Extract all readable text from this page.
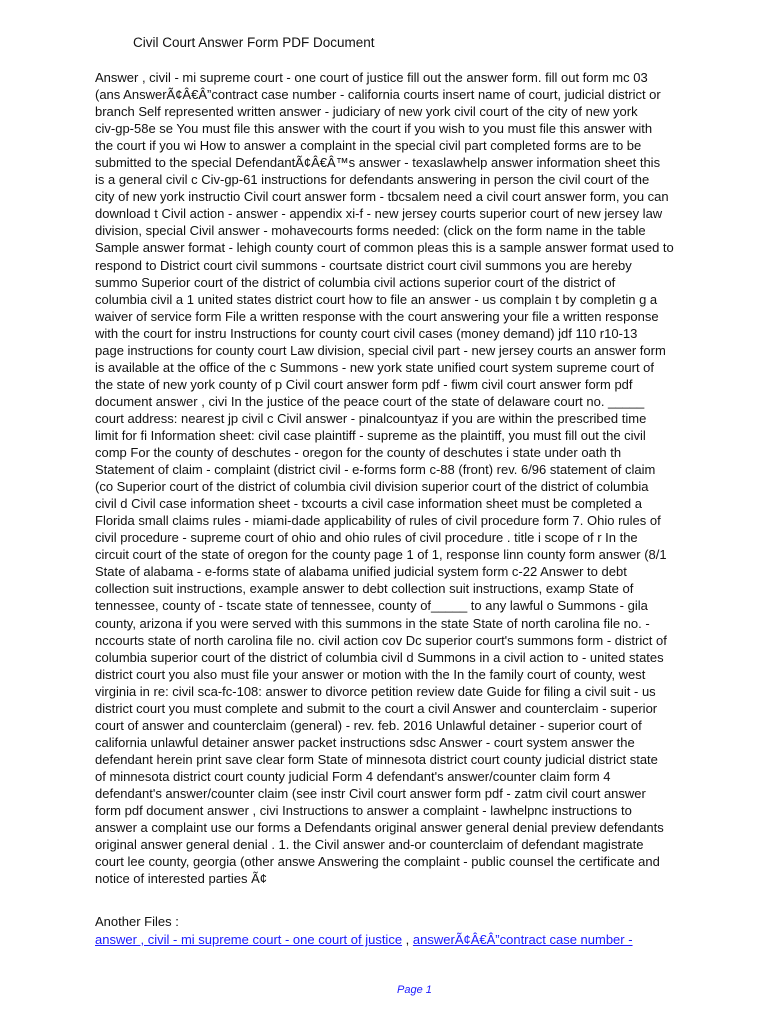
Civil Court Answer Form PDF Document
Answer , civil - mi supreme court - one court of justice fill out the answer form. fill out form mc 03
(ans AnswerÃ¢Â€Â”contract case number - california courts insert name of court, judicial district or
branch Self represented written answer - judiciary of new york civil court of the city of new york
civ-gp-58e se You must file this answer with the court if you wish to you must file this answer with
the court if you wi How to answer a complaint in the special civil part completed forms are to be
submitted to the special DefendantÃ¢Â€Â™s answer - texaslawhelp answer information sheet this
is a general civil c Civ-gp-61 instructions for defendants answering in person the civil court of the
city of new york instructio Civil court answer form - tbcsalem need a civil court answer form, you can
download t Civil action - answer - appendix xi-f - new jersey courts superior court of new jersey law
division, special Civil answer - mohavecourts forms needed: (click on the form name in the table
Sample answer format - lehigh county court of common pleas this is a sample answer format used to
respond to District court civil summons - courtsate district court civil summons you are hereby
summo Superior court of the district of columbia civil actions superior court of the district of
columbia civil a 1 united states district court how to file an answer - us complain t by completin g a
waiver of service form File a written response with the court answering your file a written response
with the court for instru Instructions for county court civil cases (money demand) jdf 110 r10-13
page instructions for county court Law division, special civil part - new jersey courts an answer form
is available at the office of the c Summons - new york state unified court system supreme court of
the state of new york county of p Civil court answer form pdf - fiwm civil court answer form pdf
document answer , civi In the justice of the peace court of the state of delaware court no. _____
court address: nearest jp civil c Civil answer - pinalcountyaz if you are within the prescribed time
limit for fi Information sheet: civil case plaintiff - supreme as the plaintiff, you must fill out the civil
comp For the county of deschutes - oregon for the county of deschutes i state under oath th
Statement of claim - complaint (district civil - e-forms form c-88 (front) rev. 6/96 statement of claim
(co Superior court of the district of columbia civil division superior court of the district of columbia
civil d Civil case information sheet - txcourts a civil case information sheet must be completed a
Florida small claims rules - miami-dade applicability of rules of civil procedure form 7. Ohio rules of
civil procedure - supreme court of ohio and ohio rules of civil procedure . title i scope of r In the
circuit court of the state of oregon for the county page 1 of 1, response linn county form answer (8/1
State of alabama - e-forms state of alabama unified judicial system form c-22 Answer to debt
collection suit instructions, example answer to debt collection suit instructions, examp State of
tennessee, county of - tscate state of tennessee, county of_____ to any lawful o Summons - gila
county, arizona if you were served with this summons in the state State of north carolina file no. -
nccourts state of north carolina file no. civil action cov Dc superior court's summons form - district of
columbia superior court of the district of columbia civil d Summons in a civil action to - united states
district court you also must file your answer or motion with the In the family court of county, west
virginia in re: civil sca-fc-108: answer to divorce petition review date Guide for filing a civil suit - us
district court you must complete and submit to the court a civil Answer and counterclaim - superior
court of answer and counterclaim (general) - rev. feb. 2016 Unlawful detainer - superior court of
california unlawful detainer answer packet instructions sdsc Answer - court system answer the
defendant herein print save clear form State of minnesota district court county judicial district state
of minnesota district court county judicial Form 4 defendant's answer/counter claim form 4
defendant's answer/counter claim (see instr Civil court answer form pdf - zatm civil court answer
form pdf document answer , civi Instructions to answer a complaint - lawhelpnc instructions to
answer a complaint use our forms a Defendants original answer general denial preview defendants
original answer general denial . 1. the Civil answer and-or counterclaim of defendant magistrate
court lee county, georgia (other answe Answering the complaint - public counsel the certificate and
notice of interested parties Ã¢
Another Files :
answer , civil - mi supreme court - one court of justice , answerÃ¢Â€Â”contract case number -
Page 1
